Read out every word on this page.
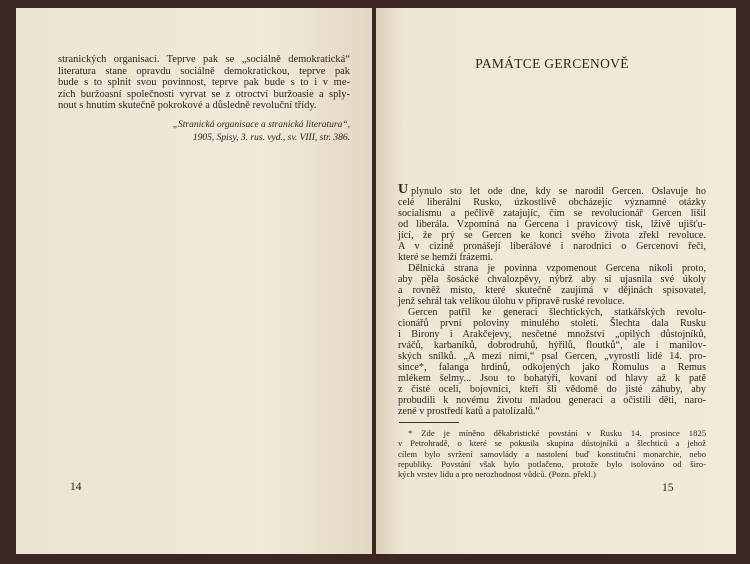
stranických organisací. Teprve pak se „sociálně demokratická“
literatura stane opravdu sociálně demokratickou, teprve pak
bude s to splnit svou povinnost, teprve pak bude s to i v me-
zích buržoasní společnosti vyrvat se z otroctví buržoasie a sply-
nout s hnutím skutečně pokrokové a důsledně revoluční třídy.
„Stranická organisace a stranická literatura“,
1905, Spisy, 3. rus. vyd., sv. VIII, str. 386.
14
PAMÁTCE GERCENOVĚ
U plynulo sto let ode dne, kdy se narodil Gercen. Oslavuje ho
celé liberální Rusko, úzkostlivě obcházejíc významné otázky
socialismu a pečlivě zatajujíc, čím se revolucionář Gercen lišil
od liberála. Vzpomíná na Gercena i pravicový tisk, lživě ujišťu-
jící, že prý se Gercen ke konci svého života zřekl revoluce.
A v cizině pronášejí liberálové i narodnici o Gercenovi řeči,
které se hemží frázemi.
Dělnická strana je povinna vzpomenout Gercena nikoli proto,
aby pěla šosácké chvalozpěvy, nýbrž aby si ujasnila své úkoly
a rovněž místo, které skutečně zaujímá v dějinách spisovatel,
jenž sehrál tak velikou úlohu v přípravě ruské revoluce.
Gercen patřil ke generaci šlechtických, statkářských revolu-
cionářů první poloviny minulého století. Šlechta dala Rusku
i Birony i Arakčejevy, nesčetné množství „opilých důstojníků,
rváčů, karbaníků, dobrodruhů, hýřilů, floutků“, ale i manilov-
ských snílků. „A mezi nimi,“ psal Gercen, „vyrostli lidé 14. pro-
since*, falanga hrdinů, odkojených jako Romulus a Remus
mlékem šelmy... Jsou to bohatýři, kovaní od hlavy až k patě
z čisté oceli, bojovníci, kteří šli vědomě do jisté záhuby, aby
probudili k novému životu mladou generaci a očistili děti, naro-
zené v prostředí katů a patolízalů.“
* Zde je míněno děkabristické povstání v Rusku 14. prosince 1825
v Petrohradě, o které se pokusila skupina důstojníků a šlechticů a jehož
cílem bylo svržení samovlády a nastolení buď konstituční monarchie, nebo
republiky. Povstání však bylo potlačeno, protože bylo isolováno od širo-
kých vrstev lidu a pro nerozhodnost vůdců. (Pozn. překl.)
15
